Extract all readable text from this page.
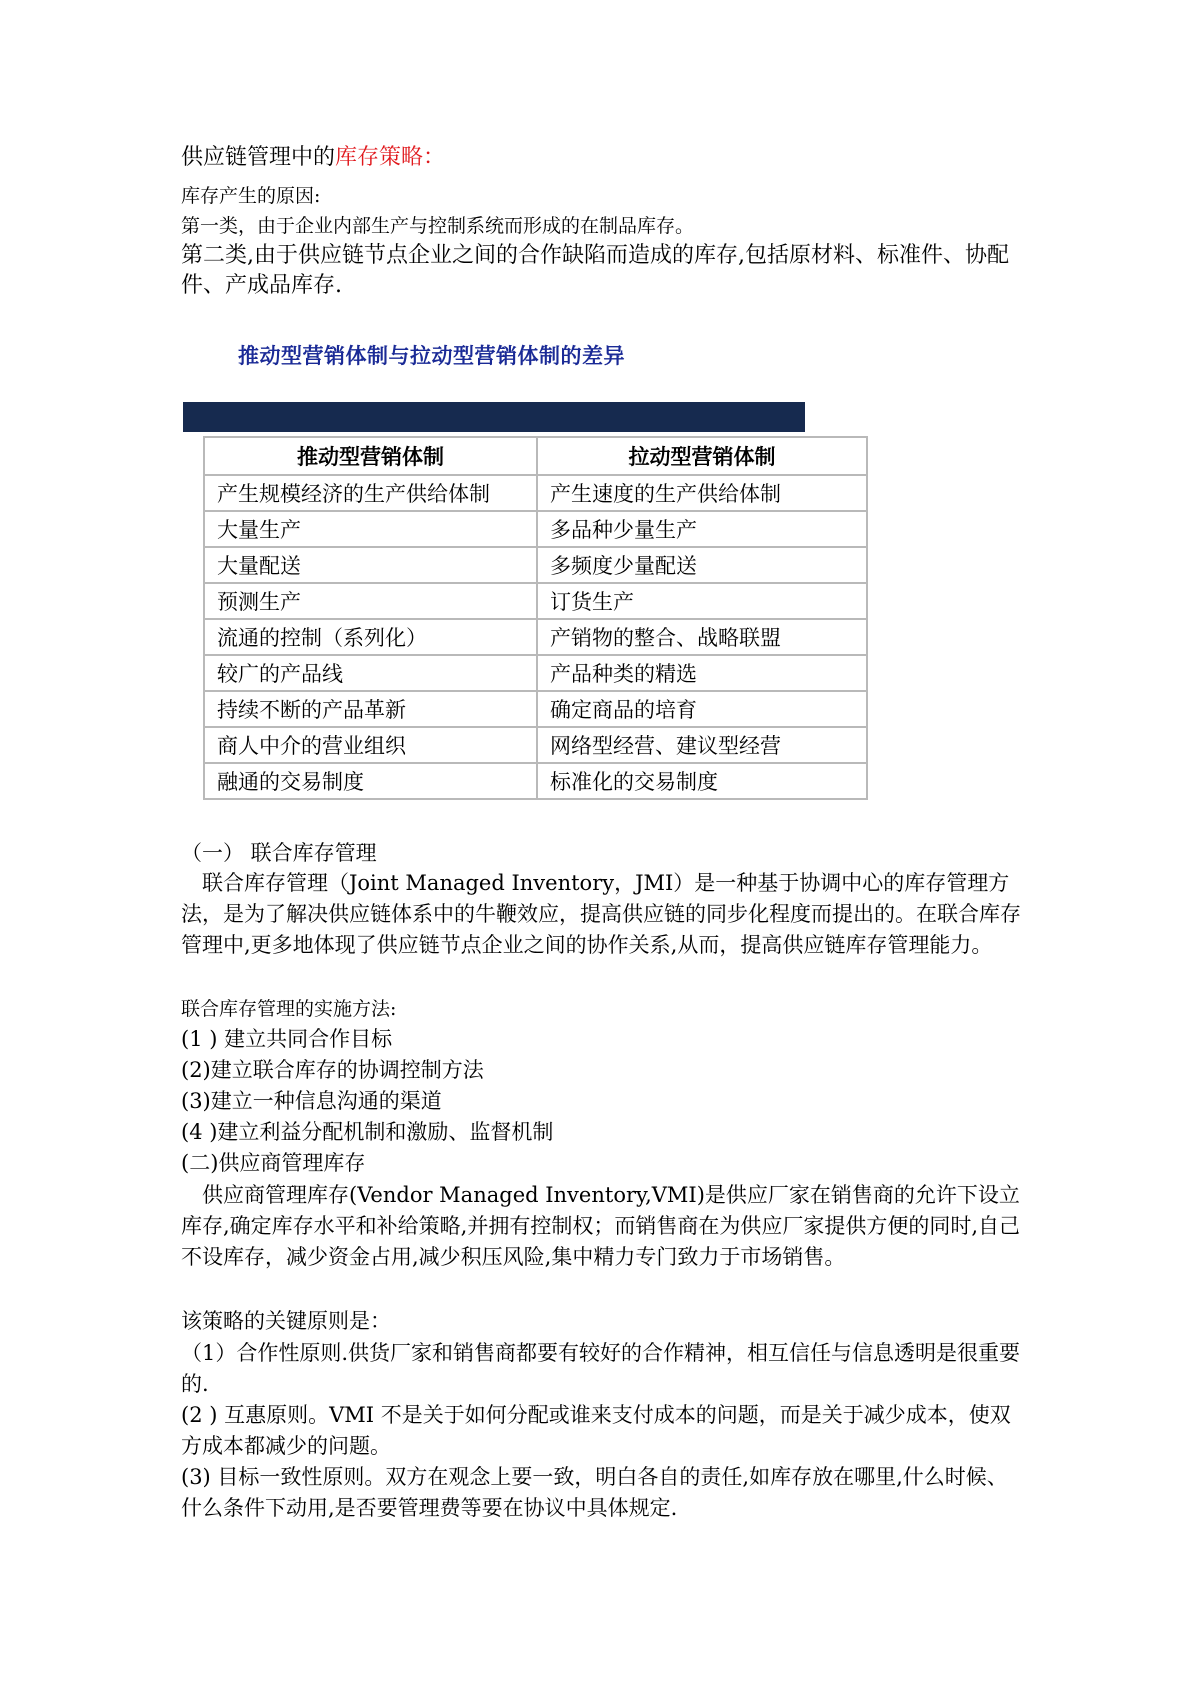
供应链管理中的库存策略：

库存产生的原因:

第一类，由于企业内部生产与控制系统而形成的在制品库存。

第二类,由于供应链节点企业之间的合作缺陷而造成的库存,包括原材料、标准件、协配件、产成品库存.

推动型营销体制与拉动型营销体制的差异
推动型营销体制	拉动型营销体制
产生规模经济的生产供给体制	产生速度的生产供给体制
大量生产	多品种少量生产
大量配送	多频度少量配送
预测生产	订货生产
流通的控制（系列化）	产销物的整合、战略联盟
较广的产品线	产品种类的精选
持续不断的产品革新	确定商品的培育
商人中介的营业组织	网络型经营、建议型经营
融通的交易制度	标准化的交易制度

（一） 联合库存管理

联合库存管理（Joint Managed Inventory，JMI）是一种基于协调中心的库存管理方法，是为了解决供应链体系中的牛鞭效应，提高供应链的同步化程度而提出的。在联合库存管理中,更多地体现了供应链节点企业之间的协作关系,从而，提高供应链库存管理能力。

联合库存管理的实施方法:

(1 ) 建立共同合作目标

(2)建立联合库存的协调控制方法

(3)建立一种信息沟通的渠道

(4 )建立利益分配机制和激励、监督机制

(二)供应商管理库存

供应商管理库存(Vendor Managed Inventory,VMI)是供应厂家在销售商的允许下设立库存,确定库存水平和补给策略,并拥有控制权；而销售商在为供应厂家提供方便的同时,自己不设库存，减少资金占用,减少积压风险,集中精力专门致力于市场销售。

该策略的关键原则是：

（1）合作性原则.供货厂家和销售商都要有较好的合作精神，相互信任与信息透明是很重要的.

(2 ) 互惠原则。VMI 不是关于如何分配或谁来支付成本的问题，而是关于减少成本，使双方成本都减少的问题。

(3) 目标一致性原则。双方在观念上要一致，明白各自的责任,如库存放在哪里,什么时候、什么条件下动用,是否要管理费等要在协议中具体规定.
